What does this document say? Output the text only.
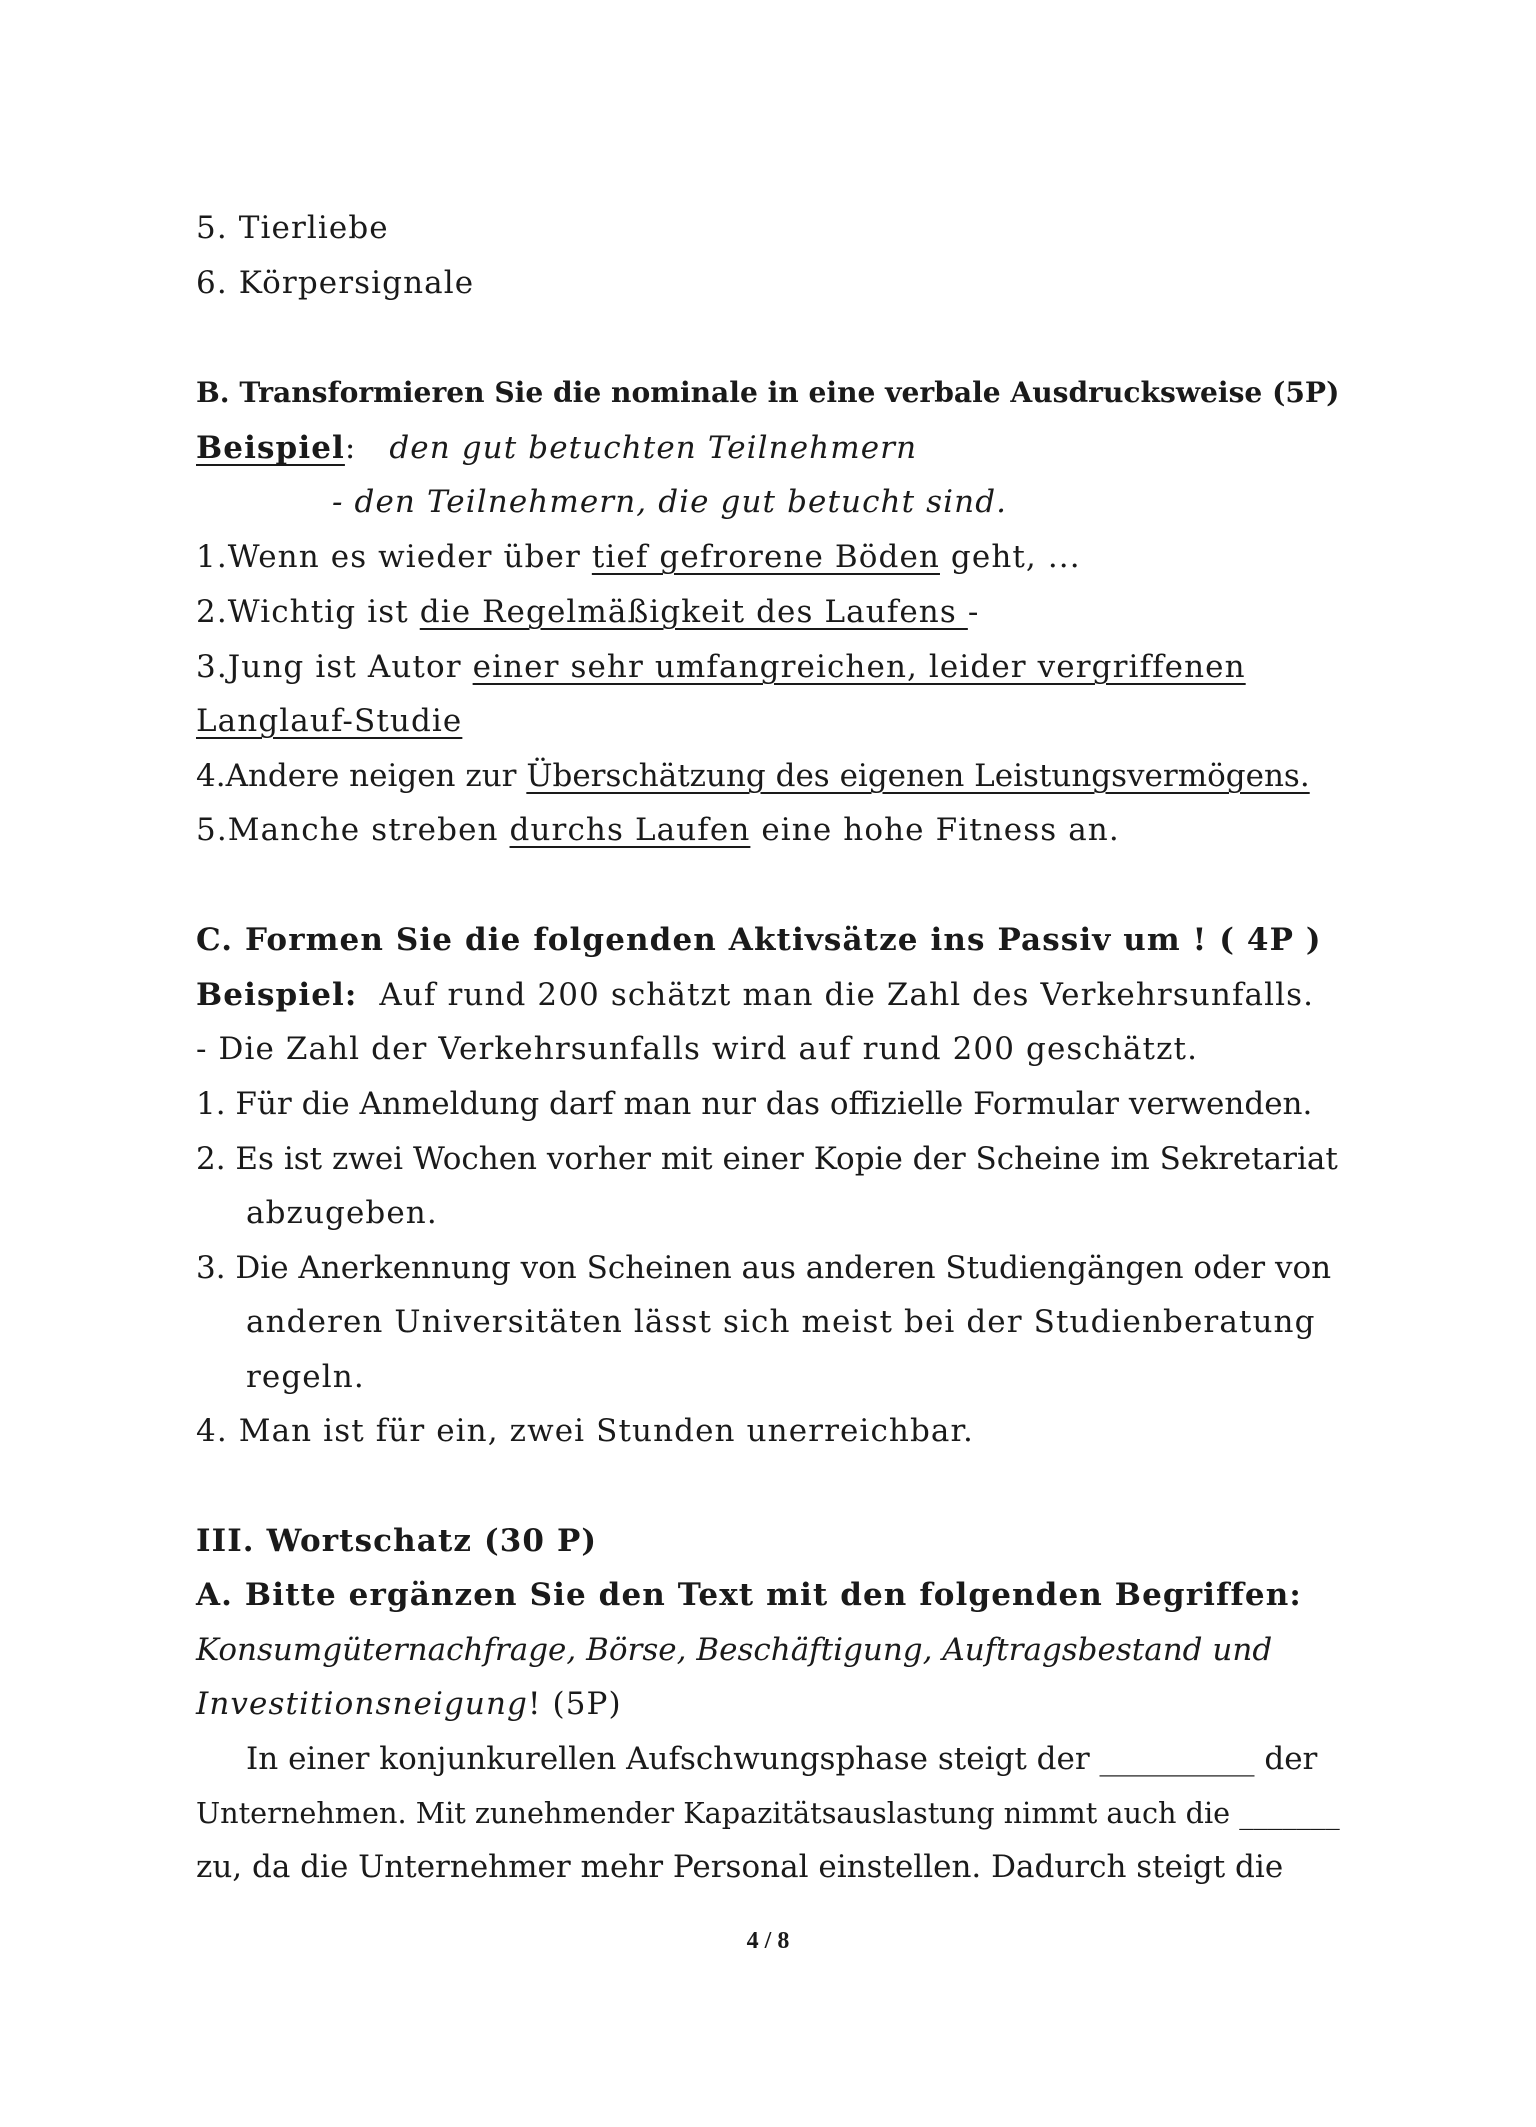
5. Tierliebe
6. Körpersignale
B. Transformieren Sie die nominale in eine verbale Ausdrucksweise (5P)
Beispiel: den gut betuchten Teilnehmern
- den Teilnehmern, die gut betucht sind.
1.Wenn es wieder über tief gefrorene Böden geht, ...
2.Wichtig ist die Regelmäßigkeit des Laufens -
3.Jung ist Autor einer sehr umfangreichen, leider vergriffenen
Langlauf-Studie
4.Andere neigen zur Überschätzung des eigenen Leistungsvermögens.
5.Manche streben durchs Laufen eine hohe Fitness an.
C. Formen Sie die folgenden Aktivsätze ins Passiv um ! ( 4P )
Beispiel: Auf rund 200 schätzt man die Zahl des Verkehrsunfalls.
- Die Zahl der Verkehrsunfalls wird auf rund 200 geschätzt.
1. Für die Anmeldung darf man nur das offizielle Formular verwenden.
2. Es ist zwei Wochen vorher mit einer Kopie der Scheine im Sekretariat
abzugeben.
3. Die Anerkennung von Scheinen aus anderen Studiengängen oder von
anderen Universitäten lässt sich meist bei der Studienberatung
regeln.
4. Man ist für ein, zwei Stunden unerreichbar.
III. Wortschatz (30 P)
A. Bitte ergänzen Sie den Text mit den folgenden Begriffen:
Konsumgüternachfrage, Börse, Beschäftigung, Auftragsbestand und
Investitionsneigung! (5P)
In einer konjunkurellen Aufschwungsphase steigt der __________ der
Unternehmen. Mit zunehmender Kapazitätsauslastung nimmt auch die _______
zu, da die Unternehmer mehr Personal einstellen. Dadurch steigt die
4 / 8
